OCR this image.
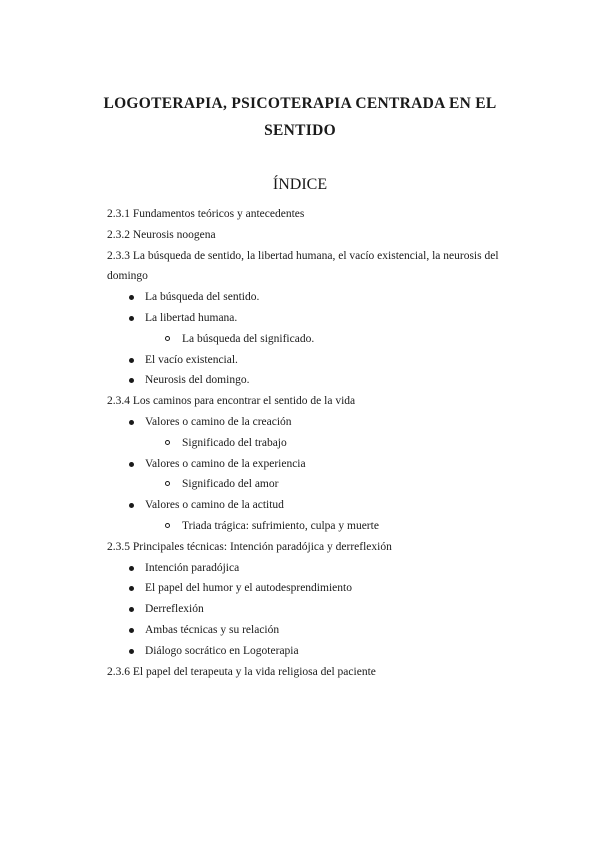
LOGOTERAPIA, PSICOTERAPIA CENTRADA EN EL
SENTIDO
ÍNDICE

2.3.1 Fundamentos teóricos y antecedentes

2.3.2 Neurosis noogena

2.3.3 La búsqueda de sentido, la libertad humana, el vacío existencial, la neurosis del domingo

La búsqueda del sentido.

La libertad humana.

La búsqueda del significado.

El vacío existencial.

Neurosis del domingo.

2.3.4 Los caminos para encontrar el sentido de la vida

Valores o camino de la creación

Significado del trabajo

Valores o camino de la experiencia

Significado del amor

Valores o camino de la actitud

Triada trágica: sufrimiento, culpa y muerte

2.3.5 Principales técnicas: Intención paradójica y derreflexión

Intención paradójica

El papel del humor y el autodesprendimiento

Derreflexión

Ambas técnicas y su relación

Diálogo socrático en Logoterapia

2.3.6 El papel del terapeuta y la vida religiosa del paciente
